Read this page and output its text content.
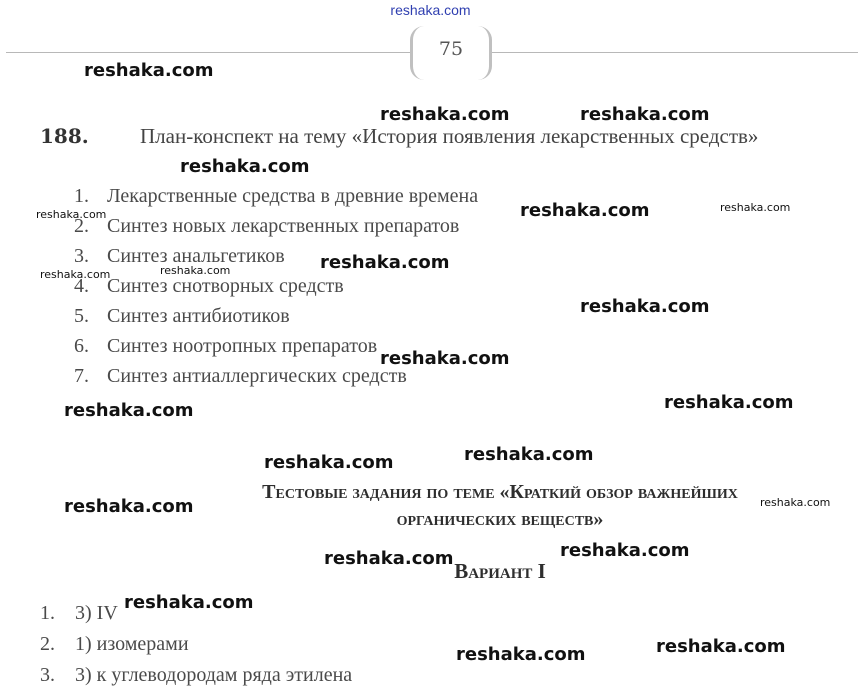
reshaka.com
75
188. План-конспект на тему «История появления лекарственных средств»
1. Лекарственные средства в древние времена
2. Синтез новых лекарственных препаратов
3. Синтез анальгетиков
4. Синтез снотворных средств
5. Синтез антибиотиков
6. Синтез ноотропных препаратов
7. Синтез антиаллергических средств
Тестовые задания по теме «Краткий обзор важнейших
органических веществ»
Вариант I
1. 3) IV
2. 1) изомерами
3. 3) к углеводородам ряда этилена
reshaka.com
reshaka.com	reshaka.com
reshaka.com
reshaka.com	reshaka.com	reshaka.com
reshaka.com	reshaka.com	reshaka.com
reshaka.com
reshaka.com
reshaka.com	reshaka.com
reshaka.com	reshaka.com
reshaka.com	reshaka.com
reshaka.com	reshaka.com
reshaka.com
reshaka.com
reshaka.com
